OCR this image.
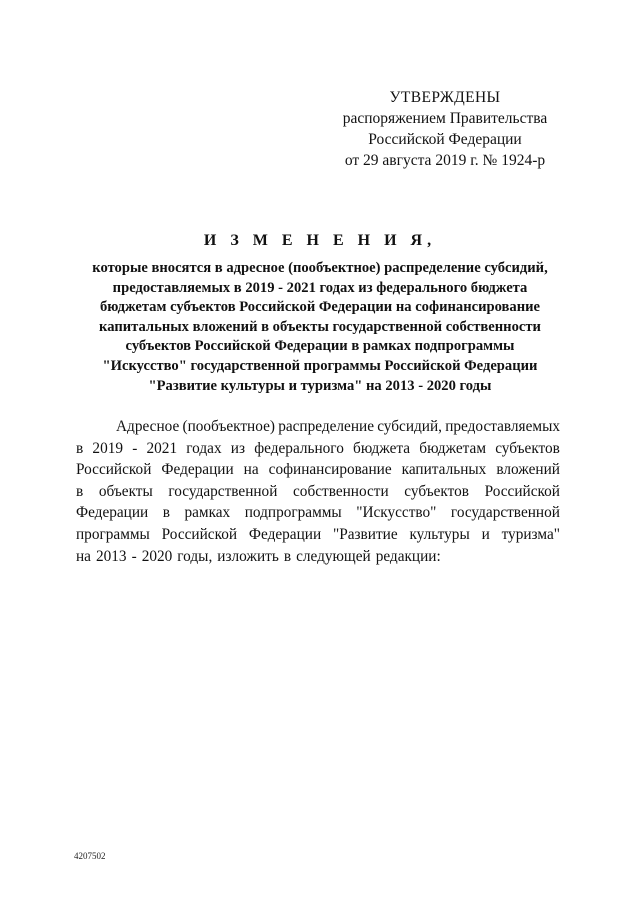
УТВЕРЖДЕНЫ
распоряжением Правительства
Российской Федерации
от 29 августа 2019 г. № 1924-р
И З М Е Н Е Н И Я,
которые вносятся в адресное (пообъектное) распределение субсидий,
предоставляемых в 2019 - 2021 годах из федерального бюджета
бюджетам субъектов Российской Федерации на софинансирование
капитальных вложений в объекты государственной собственности
субъектов Российской Федерации в рамках подпрограммы
"Искусство" государственной программы Российской Федерации
"Развитие культуры и туризма" на 2013 - 2020 годы
Адресное (пообъектное) распределение субсидий, предоставляемых
в 2019 - 2021 годах из федерального бюджета бюджетам субъектов
Российской Федерации на софинансирование капитальных вложений
в объекты государственной собственности субъектов Российской
Федерации в рамках подпрограммы "Искусство" государственной
программы Российской Федерации "Развитие культуры и туризма"
на 2013 - 2020 годы, изложить в следующей редакции:
4207502
